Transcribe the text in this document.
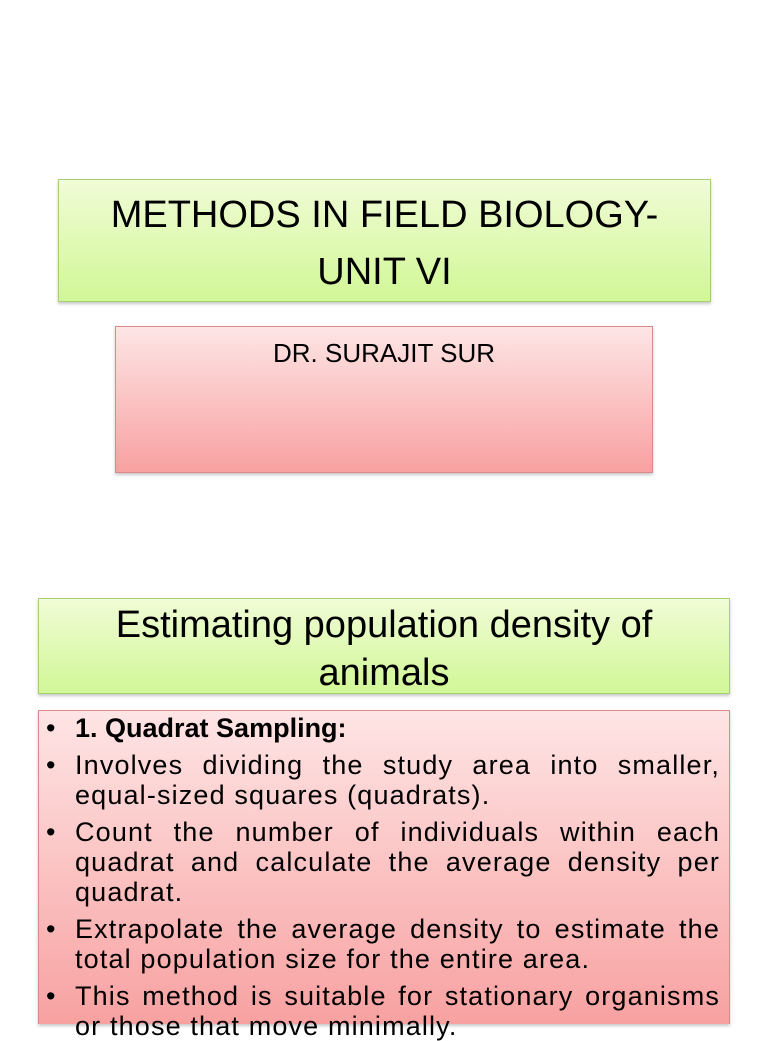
METHODS IN FIELD BIOLOGY-
UNIT VI
DR. SURAJIT SUR
Estimating population density of animals
• 1. Quadrat Sampling:
• Involves dividing the study area into smaller, equal-sized squares (quadrats).
• Count the number of individuals within each quadrat and calculate the average density per quadrat.
• Extrapolate the average density to estimate the total population size for the entire area.
• This method is suitable for stationary organisms or those that move minimally.
